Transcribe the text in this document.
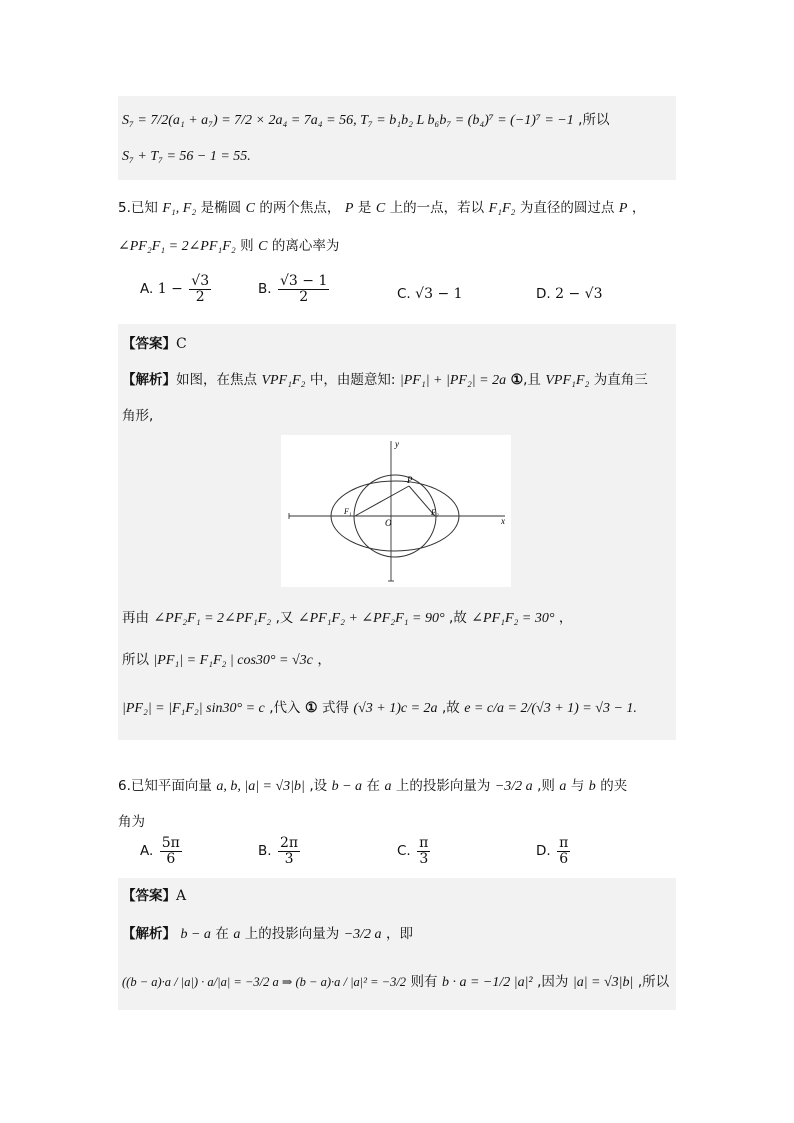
S₇ = 7/2(a₁ + a₇) = 7/2 × 2a₄ = 7a₄ = 56, T₇ = b₁b₂ L b₆b₇ = (b₄)⁷ = (−1)⁷ = −1 ,所以
S₇ + T₇ = 56 − 1 = 55.
5.已知 F₁, F₂ 是椭圆 C 的两个焦点， P 是 C 上的一点，若以 F₁F₂ 为直径的圆过点 P ，
∠PF₂F₁ = 2∠PF₁F₂ 则 C 的离心率为
A. $1 - \frac{√3}{2}$	B. $\frac{√3 - 1}{2}$	C. √3 − 1	D. 2 − √3
【答案】C
【解析】如图，在焦点 VPF₁F₂ 中，由题意知: |PF₁| + |PF₂| = 2a ①,且 VPF₁F₂ 为直角三
角形,
y
x
P
F₁	F₂
O
再由 ∠PF₂F₁ = 2∠PF₁F₂ ,又 ∠PF₁F₂ + ∠PF₂F₁ = 90° ,故 ∠PF₁F₂ = 30° ，
所以 |PF₁| = F₁F₂ | cos30° = √3c ，
|PF₂| = |F₁F₂| sin30° = c ,代入 ① 式得 (√3 + 1)c = 2a ,故 e = c/a = 2/(√3 + 1) = √3 − 1.
6.已知平面向量 a, b, |a| = √3|b| ,设 b − a 在 a 上的投影向量为 −3/2 a ,则 a 与 b 的夹
角为
A. $\frac{5\pi}{6}$	B. $\frac{2\pi}{3}$	C. $\frac{\pi}{3}$	D. $\frac{\pi}{6}$
【答案】A
【解析】 b − a 在 a 上的投影向量为 −3/2 a ，即
((b − a)·a / |a|) · a/|a| = −3/2 a ⇒ (b − a)·a / |a|² = −3/2 则有 b · a = −1/2 |a|² ,因为 |a| = √3|b| ,所以
